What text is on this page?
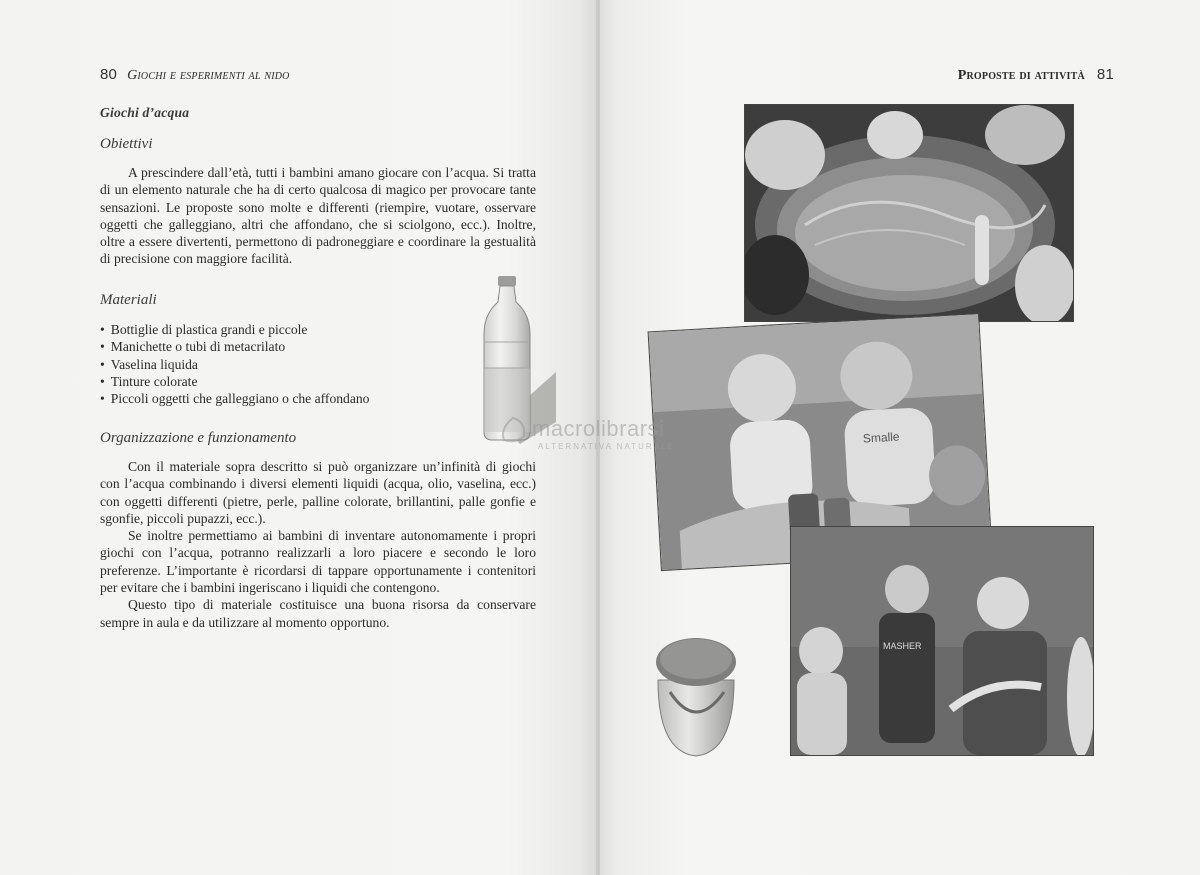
80 Giochi e esperimenti al nido	Proposte di attività 81
Giochi d’acqua
Obiettivi

A prescindere dall’età, tutti i bambini amano giocare con l’acqua. Si tratta di un elemento naturale che ha di certo qualcosa di magico per provocare tante sensazioni. Le proposte sono molte e differenti (riempire, vuotare, osservare oggetti che galleggiano, altri che affondano, che si sciolgono, ecc.). Inoltre, oltre a essere divertenti, permettono di padroneggiare e coordinare la gestualità di precisione con maggiore facilità.

Materiali
• Bottiglie di plastica grandi e piccole
• Manichette o tubi di metacrilato
• Vaselina liquida
• Tinture colorate
• Piccoli oggetti che galleggiano o che affondano
Organizzazione e funzionamento

Con il materiale sopra descritto si può organizzare un’infinità di giochi con l’acqua combinando i diversi elementi liquidi (acqua, olio, vaselina, ecc.) con oggetti differenti (pietre, perle, palline colorate, brillantini, palle gonfie e sgonfie, piccoli pupazzi, ecc.).

Se inoltre permettiamo ai bambini di inventare autonomamente i propri giochi con l’acqua, potranno realizzarli a loro piacere e secondo le loro preferenze. L’importante è ricordarsi di tappare opportunamente i contenitori per evitare che i bambini ingeriscano i liquidi che contengono.

Questo tipo di materiale costituisce una buona risorsa da conservare sempre in aula e da utilizzare al momento opportuno.

Smalle
MASHER
macrolibrarsi
ALTERNATIVA NATURALE
